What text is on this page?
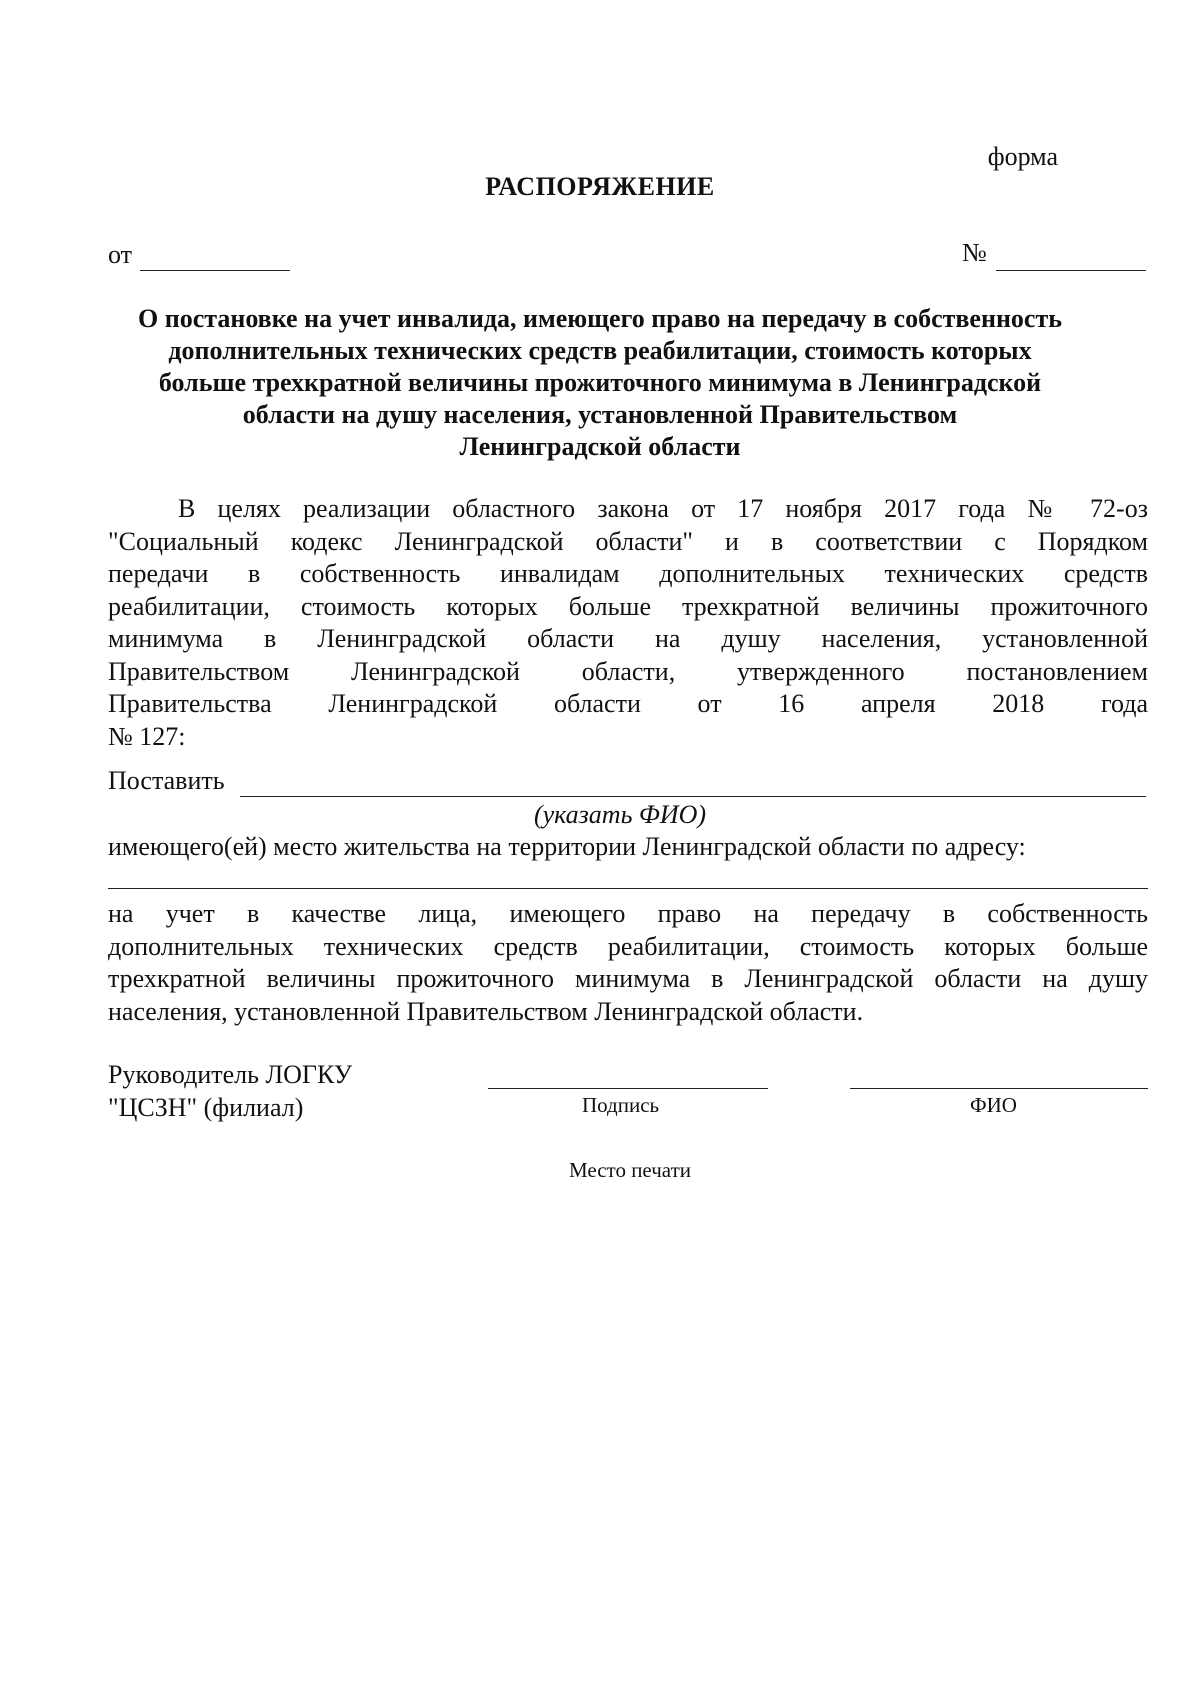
форма
РАСПОРЯЖЕНИЕ
от	№
О постановке на учет инвалида, имеющего право на передачу в собственность
дополнительных технических средств реабилитации, стоимость которых
больше трехкратной величины прожиточного минимума в Ленинградской
области на душу населения, установленной Правительством
Ленинградской области
В целях реализации областного закона от 17 ноября 2017 года № 72-оз
"Социальный кодекс Ленинградской области" и в соответствии с Порядком
передачи в собственность инвалидам дополнительных технических средств
реабилитации, стоимость которых больше трехкратной величины прожиточного
минимума в Ленинградской области на душу населения, установленной
Правительством Ленинградской области, утвержденного постановлением
Правительства Ленинградской области от 16 апреля 2018 года
№ 127:
Поставить
(указать ФИО)
имеющего(ей) место жительства на территории Ленинградской области по адресу:
на учет в качестве лица, имеющего право на передачу в собственность
дополнительных технических средств реабилитации, стоимость которых больше
трехкратной величины прожиточного минимума в Ленинградской области на душу
населения, установленной Правительством Ленинградской области.
Руководитель ЛОГКУ
"ЦСЗН" (филиал)	Подпись	ФИО
Место печати
